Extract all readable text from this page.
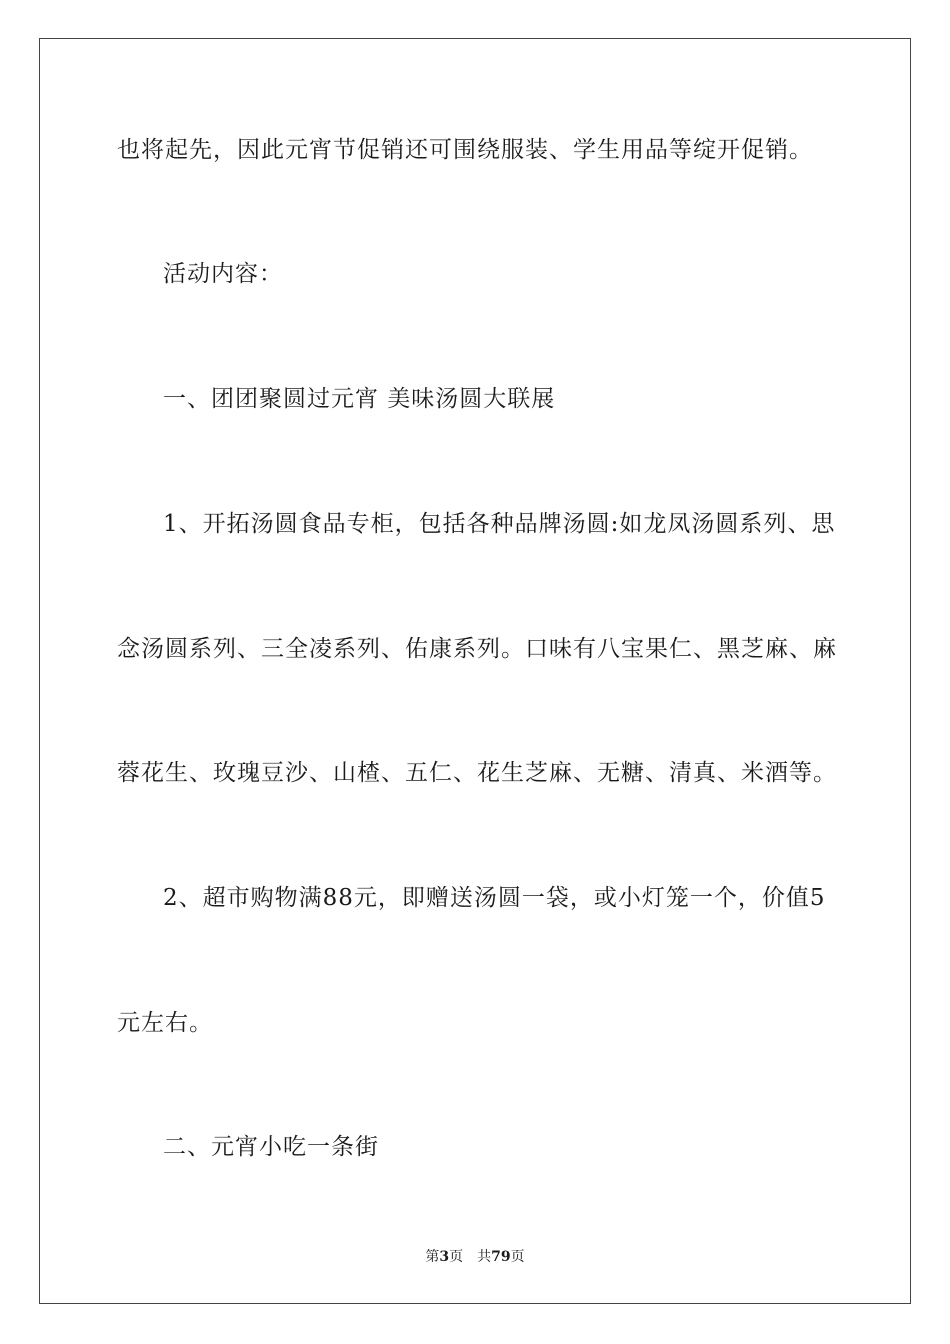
也将起先，因此元宵节促销还可围绕服装、学生用品等绽开促销。
活动内容：
一、团团聚圆过元宵 美味汤圆大联展
1、开拓汤圆食品专柜，包括各种品牌汤圆:如龙凤汤圆系列、思
念汤圆系列、三全凌系列、佑康系列。口味有八宝果仁、黑芝麻、麻
蓉花生、玫瑰豆沙、山楂、五仁、花生芝麻、无糖、清真、米酒等。
2、超市购物满88元，即赠送汤圆一袋，或小灯笼一个，价值5
元左右。
二、元宵小吃一条街
第3页 共79页
